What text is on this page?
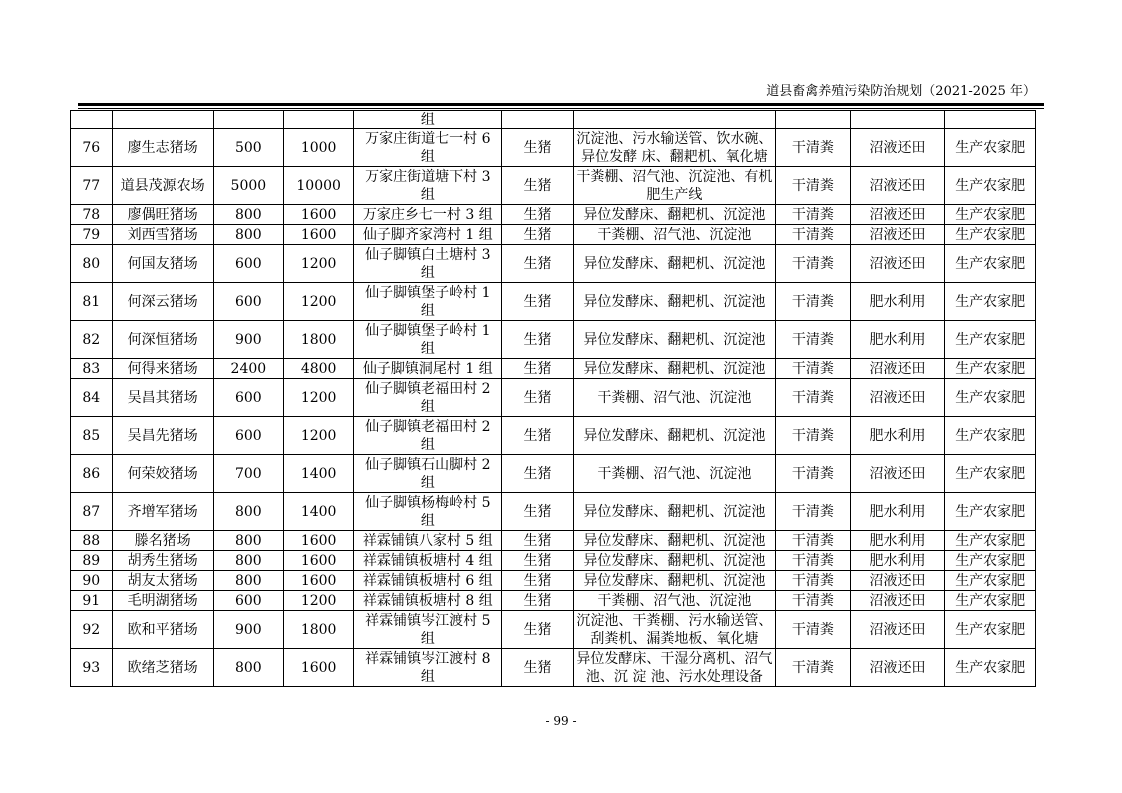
道县畜禽养殖污染防治规划（2021-2025 年）
				组					
76	廖生志猪场	500	1000	万家庄街道七一村 6 组	生猪	沉淀池、污水输送管、饮水碗、异位发酵 床、翻耙机、氧化塘	干清粪	沼液还田	生产农家肥
77	道县茂源农场	5000	10000	万家庄街道塘下村 3 组	生猪	干粪棚、沼气池、沉淀池、有机肥生产线	干清粪	沼液还田	生产农家肥
78	廖偶旺猪场	800	1600	万家庄乡七一村 3 组	生猪	异位发酵床、翻耙机、沉淀池	干清粪	沼液还田	生产农家肥
79	刘西雪猪场	800	1600	仙子脚齐家湾村 1 组	生猪	干粪棚、沼气池、沉淀池	干清粪	沼液还田	生产农家肥
80	何国友猪场	600	1200	仙子脚镇白土塘村 3 组	生猪	异位发酵床、翻耙机、沉淀池	干清粪	沼液还田	生产农家肥
81	何深云猪场	600	1200	仙子脚镇堡子岭村 1 组	生猪	异位发酵床、翻耙机、沉淀池	干清粪	肥水利用	生产农家肥
82	何深恒猪场	900	1800	仙子脚镇堡子岭村 1 组	生猪	异位发酵床、翻耙机、沉淀池	干清粪	肥水利用	生产农家肥
83	何得来猪场	2400	4800	仙子脚镇洞尾村 1 组	生猪	异位发酵床、翻耙机、沉淀池	干清粪	沼液还田	生产农家肥
84	吴昌其猪场	600	1200	仙子脚镇老福田村 2 组	生猪	干粪棚、沼气池、沉淀池	干清粪	沼液还田	生产农家肥
85	吴昌先猪场	600	1200	仙子脚镇老福田村 2 组	生猪	异位发酵床、翻耙机、沉淀池	干清粪	肥水利用	生产农家肥
86	何荣姣猪场	700	1400	仙子脚镇石山脚村 2 组	生猪	干粪棚、沼气池、沉淀池	干清粪	沼液还田	生产农家肥
87	齐增军猪场	800	1400	仙子脚镇杨梅岭村 5 组	生猪	异位发酵床、翻耙机、沉淀池	干清粪	肥水利用	生产农家肥
88	滕名猪场	800	1600	祥霖铺镇八家村 5 组	生猪	异位发酵床、翻耙机、沉淀池	干清粪	肥水利用	生产农家肥
89	胡秀生猪场	800	1600	祥霖铺镇板塘村 4 组	生猪	异位发酵床、翻耙机、沉淀池	干清粪	肥水利用	生产农家肥
90	胡友太猪场	800	1600	祥霖铺镇板塘村 6 组	生猪	异位发酵床、翻耙机、沉淀池	干清粪	沼液还田	生产农家肥
91	毛明湖猪场	600	1200	祥霖铺镇板塘村 8 组	生猪	干粪棚、沼气池、沉淀池	干清粪	沼液还田	生产农家肥
92	欧和平猪场	900	1800	祥霖铺镇岑江渡村 5 组	生猪	沉淀池、干粪棚、污水输送管、刮粪机、漏粪地板、氧化塘	干清粪	沼液还田	生产农家肥
93	欧绪芝猪场	800	1600	祥霖铺镇岑江渡村 8 组	生猪	异位发酵床、干湿分离机、沼气池、沉 淀 池、污水处理设备	干清粪	沼液还田	生产农家肥
- 99 -
